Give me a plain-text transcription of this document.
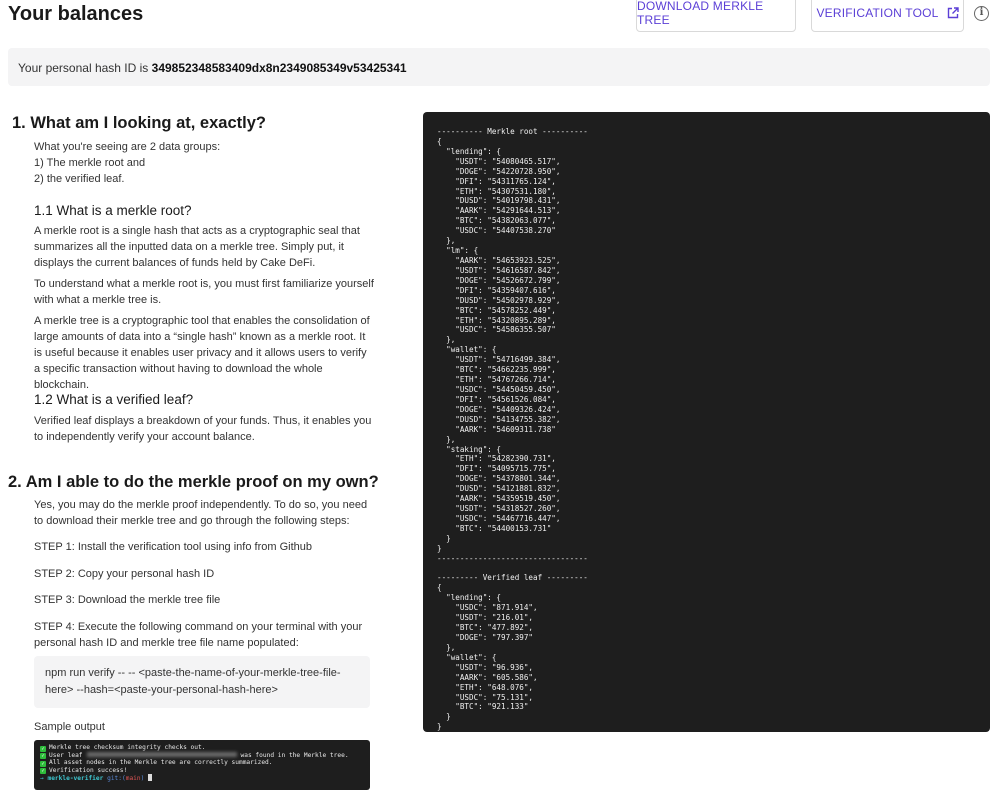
Your balances	DOWNLOAD MERKLE TREE	VERIFICATION TOOL	i
Your personal hash ID is 349852348583409dx8n2349085349v53425341
1. What am I looking at, exactly?
What you're seeing are 2 data groups:
1) The merkle root and
2) the verified leaf.
1.1 What is a merkle root?
A merkle root is a single hash that acts as a cryptographic seal that summarizes all the inputted data on a merkle tree. Simply put, it displays the current balances of funds held by Cake DeFi.
To understand what a merkle root is, you must first familiarize yourself with what a merkle tree is.
A merkle tree is a cryptographic tool that enables the consolidation of large amounts of data into a “single hash” known as a merkle root. It is useful because it enables user privacy and it allows users to verify a specific transaction without having to download the whole blockchain.
1.2 What is a verified leaf?
Verified leaf displays a breakdown of your funds. Thus, it enables you to independently verify your account balance.
2. Am I able to do the merkle proof on my own?
Yes, you may do the merkle proof independently. To do so, you need to download their merkle tree and go through the following steps:
STEP 1: Install the verification tool using info from Github
STEP 2: Copy your personal hash ID
STEP 3: Download the merkle tree file
STEP 4: Execute the following command on your terminal with your personal hash ID and merkle tree file name populated:
npm run verify -- -- <paste-the-name-of-your-merkle-tree-file-here> --hash=<paste-your-personal-hash-here>
Sample output
✓ Merkle tree checksum integrity checks out.
✓ User leaf	was found in the Merkle tree.
✓ All asset nodes in the Merkle tree are correctly summarized.
✓ Verification success!
→ merkle-verifier git:(main)
---------- Merkle root ----------
{
"lending": {
"USDT": "54080465.517",
"DOGE": "54220728.950",
"DFI": "54311765.124",
"ETH": "54307531.180",
"DUSD": "54019798.431",
"AARK": "54291644.513",
"BTC": "54382063.077",
"USDC": "54407538.270"
},
"lm": {
"AARK": "54653923.525",
"USDT": "54616587.842",
"DOGE": "54526672.799",
"DFI": "54359407.616",
"DUSD": "54502978.929",
"BTC": "54578252.449",
"ETH": "54320895.289",
"USDC": "54586355.507"
},
"wallet": {
"USDT": "54716499.384",
"BTC": "54662235.999",
"ETH": "54767266.714",
"USDC": "54450459.450",
"DFI": "54561526.084",
"DOGE": "54409326.424",
"DUSD": "54134755.382",
"AARK": "54609311.738"
},
"staking": {
"ETH": "54282390.731",
"DFI": "54095715.775",
"DOGE": "54378801.344",
"DUSD": "54121881.832",
"AARK": "54359519.450",
"USDT": "54318527.260",
"USDC": "54467716.447",
"BTC": "54400153.731"
}
}
---------------------------------

--------- Verified leaf ---------
{
"lending": {
"USDC": "871.914",
"USDT": "216.01",
"BTC": "477.892",
"DOGE": "797.397"
},
"wallet": {
"USDT": "96.936",
"AARK": "605.586",
"ETH": "648.076",
"USDC": "75.131",
"BTC": "921.133"
}
}
